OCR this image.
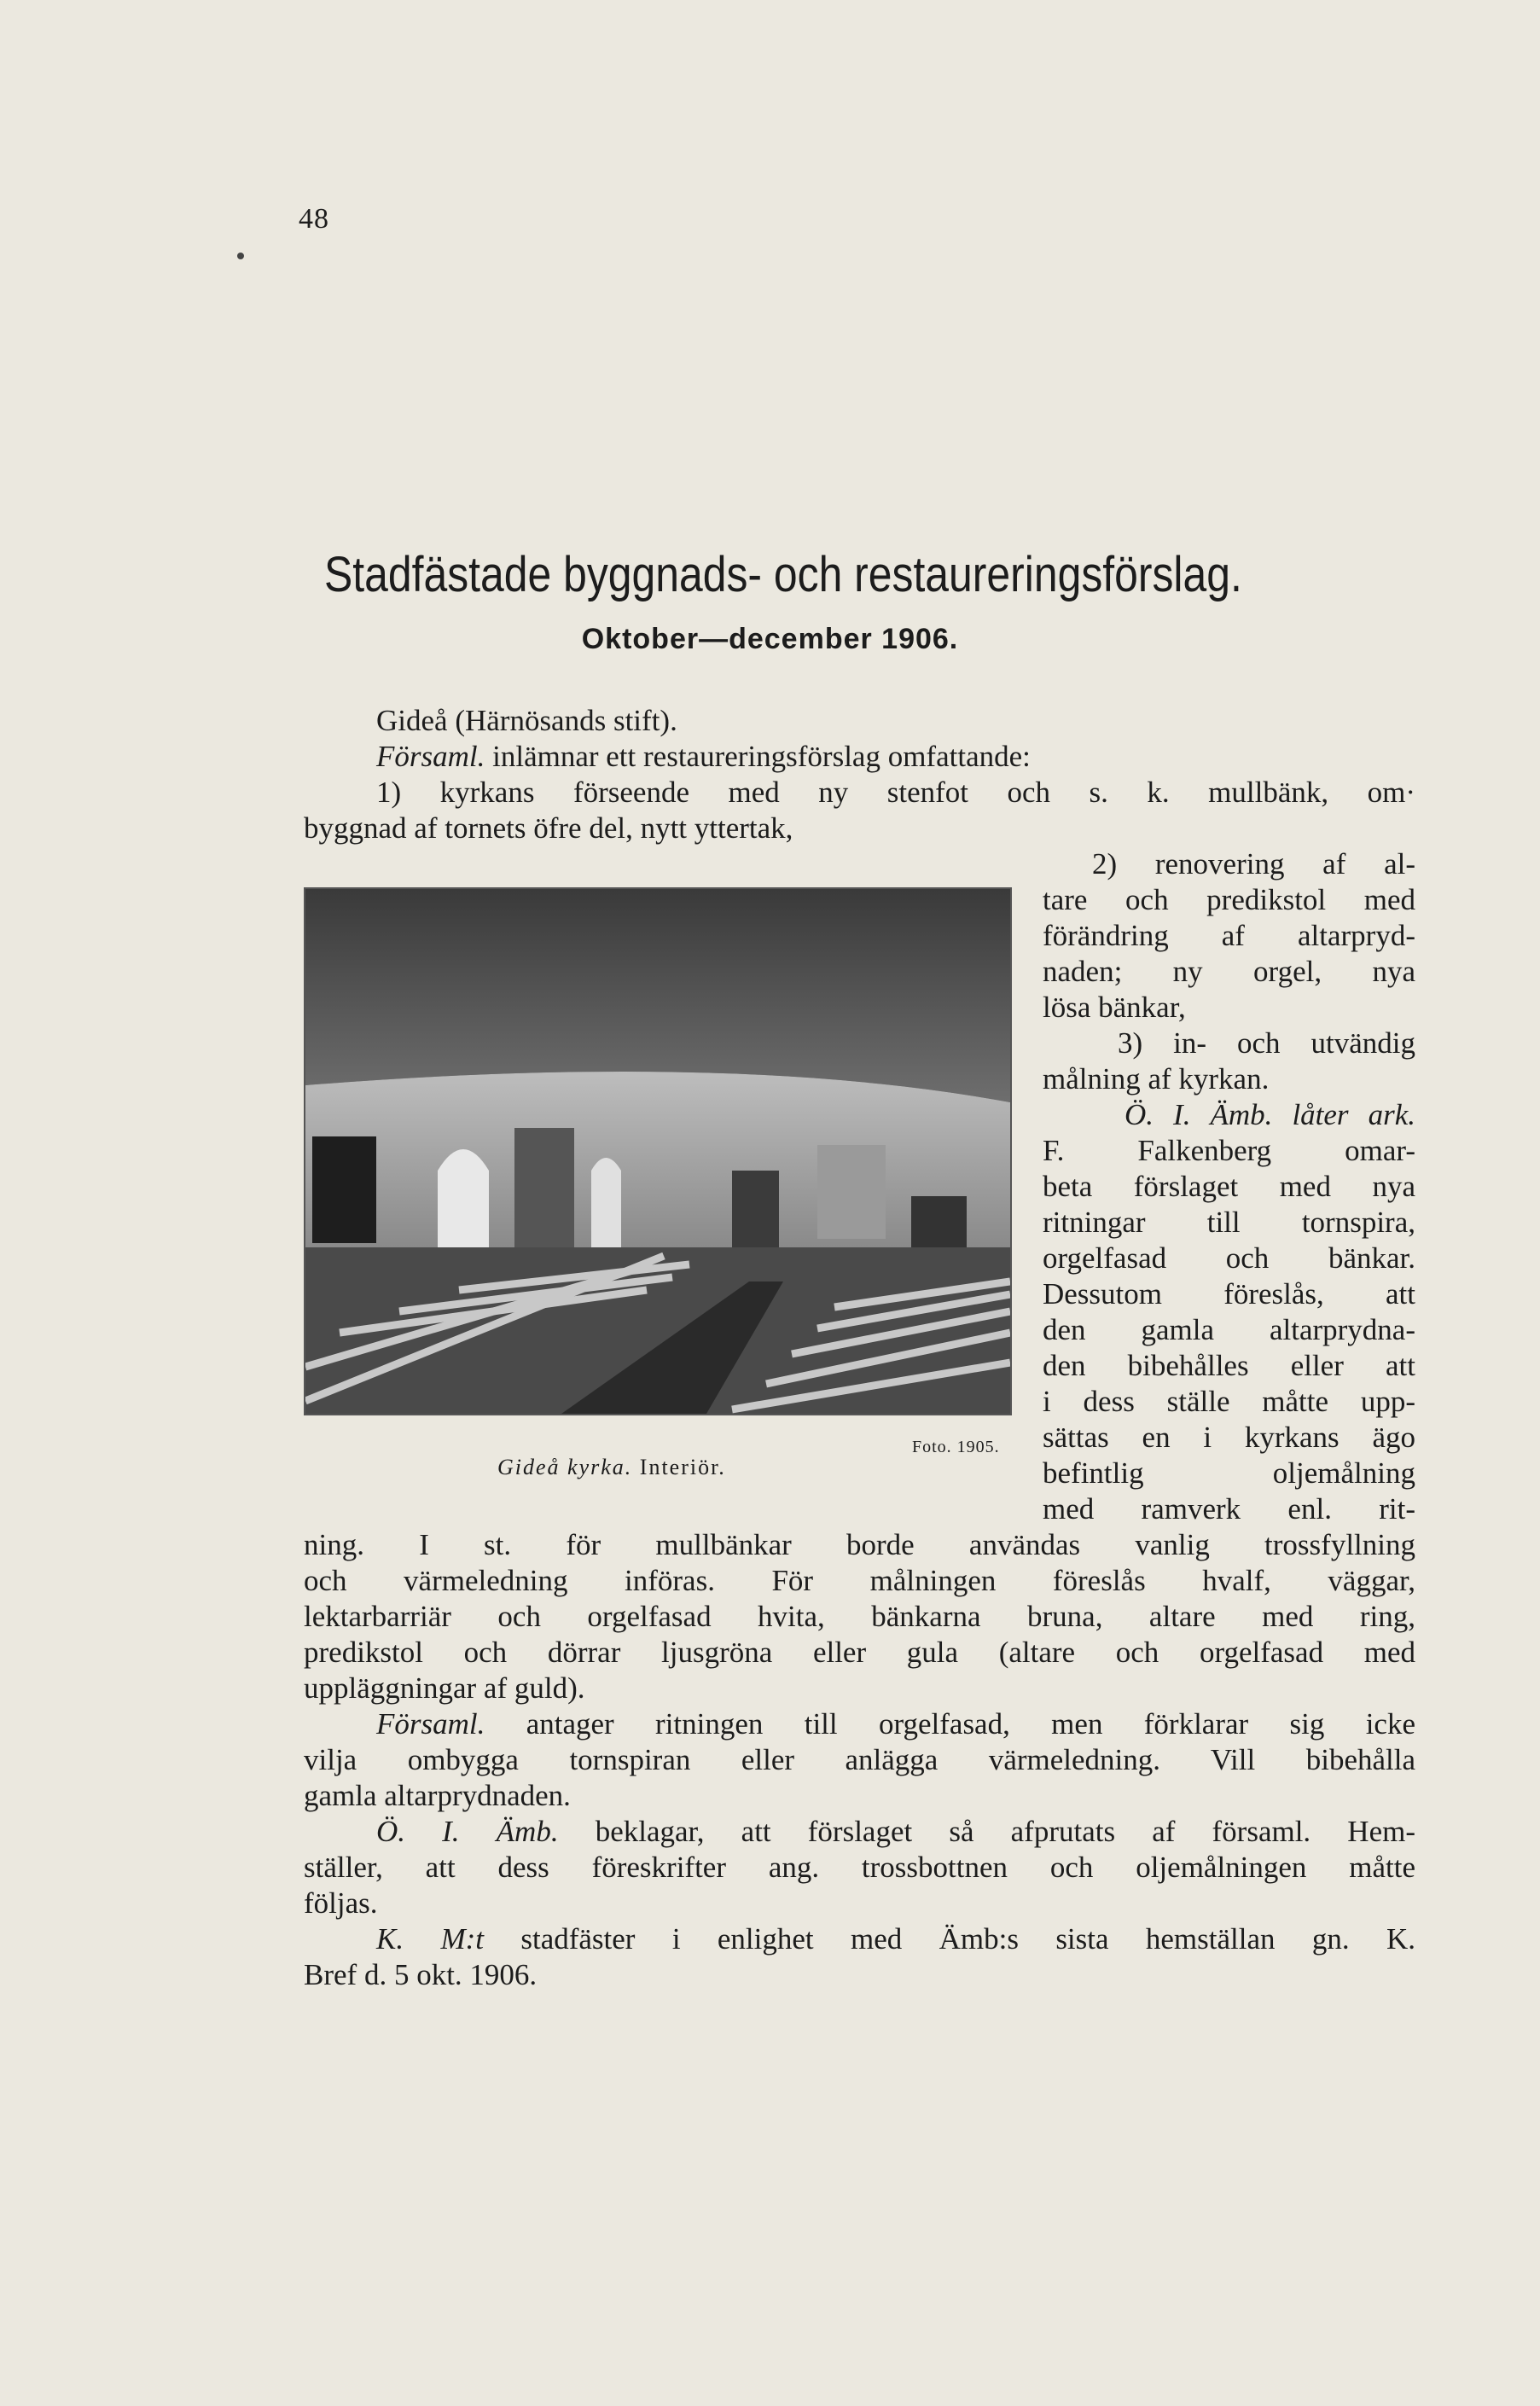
48
Stadfästade byggnads- och restaureringsförslag.
Oktober—december 1906.
Gideå (Härnösands stift).
Församl. inlämnar ett restaureringsförslag omfattande:
1) kyrkans förseende med ny stenfot och s. k. mullbänk, om·
byggnad af tornets öfre del, nytt yttertak,
Gideå kyrka. Interiör.
Foto. 1905.
2) renovering af al-
tare och predikstol med
förändring af altarpryd-
naden; ny orgel, nya
lösa bänkar,
3) in- och utvändig
målning af kyrkan.
Ö. I. Ämb. låter ark.
F. Falkenberg omar-
beta förslaget med nya
ritningar till tornspira,
orgelfasad och bänkar.
Dessutom föreslås, att
den gamla altarprydna-
den bibehålles eller att
i dess ställe måtte upp-
sättas en i kyrkans ägo
befintlig oljemålning
med ramverk enl. rit-
ning. I st. för mullbänkar borde användas vanlig trossfyllning
och värmeledning införas. För målningen föreslås hvalf, väggar,
lektarbarriär och orgelfasad hvita, bänkarna bruna, altare med ring,
predikstol och dörrar ljusgröna eller gula (altare och orgelfasad med
uppläggningar af guld).
Församl. antager ritningen till orgelfasad, men förklarar sig icke
vilja ombygga tornspiran eller anlägga värmeledning. Vill bibehålla
gamla altarprydnaden.
Ö. I. Ämb. beklagar, att förslaget så afprutats af församl. Hem-
ställer, att dess föreskrifter ang. trossbottnen och oljemålningen måtte
följas.
K. M:t stadfäster i enlighet med Ämb:s sista hemställan gn. K.
Bref d. 5 okt. 1906.
